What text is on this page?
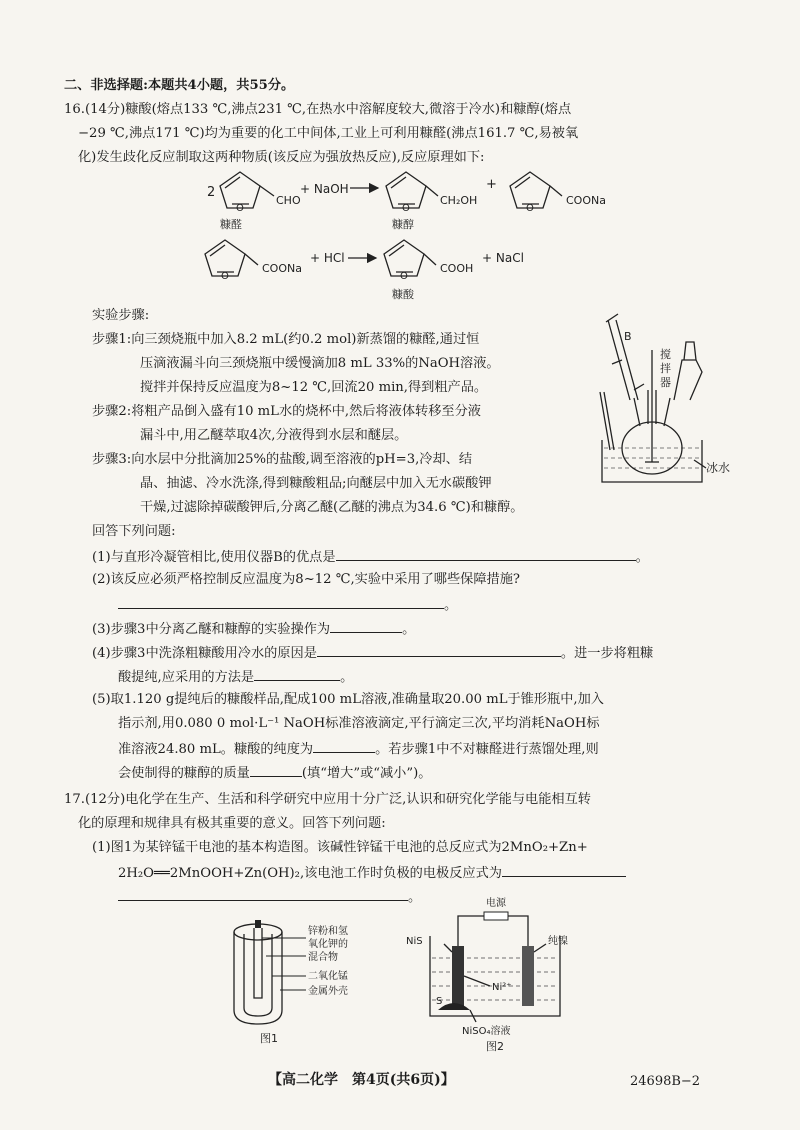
二、非选择题:本题共4小题，共55分。
16.(14分)糠酸(熔点133 ℃,沸点231 ℃,在热水中溶解度较大,微溶于冷水)和糠醇(熔点
−29 ℃,沸点171 ℃)均为重要的化工中间体,工业上可利用糠醛(沸点161.7 ℃,易被氧
化)发生歧化反应制取这两种物质(该反应为强放热反应),反应原理如下:
2
O
CHO
+ NaOH
O
CH₂OH
+
O
COONa
糠醛	糠醇
O
COONa
+ HCl
O
COOH
+ NaCl
糠酸
实验步骤:
步骤1:向三颈烧瓶中加入8.2 mL(约0.2 mol)新蒸馏的糠醛,通过恒
压滴液漏斗向三颈烧瓶中缓慢滴加8 mL 33%的NaOH溶液。
搅拌并保持反应温度为8~12 ℃,回流20 min,得到粗产品。
步骤2:将粗产品倒入盛有10 mL水的烧杯中,然后将液体转移至分液
漏斗中,用乙醚萃取4次,分液得到水层和醚层。
步骤3:向水层中分批滴加25%的盐酸,调至溶液的pH=3,冷却、结
晶、抽滤、冷水洗涤,得到糠酸粗品;向醚层中加入无水碳酸钾
干燥,过滤除掉碳酸钾后,分离乙醚(乙醚的沸点为34.6 ℃)和糠醇。
B
搅
拌
器
冰水
回答下列问题:
(1)与直形冷凝管相比,使用仪器B的优点是	。
(2)该反应必须严格控制反应温度为8~12 ℃,实验中采用了哪些保障措施?
。
(3)步骤3中分离乙醚和糠醇的实验操作为	。
(4)步骤3中洗涤粗糠酸用冷水的原因是	。进一步将粗糠
酸提纯,应采用的方法是	。
(5)取1.120 g提纯后的糠酸样品,配成100 mL溶液,准确量取20.00 mL于锥形瓶中,加入
指示剂,用0.080 0 mol·L⁻¹ NaOH标准溶液滴定,平行滴定三次,平均消耗NaOH标
准溶液24.80 mL。糠酸的纯度为	。若步骤1中不对糠醛进行蒸馏处理,则
会使制得的糠醇的质量	(填“增大”或“减小”)。
17.(12分)电化学在生产、生活和科学研究中应用十分广泛,认识和研究化学能与电能相互转
化的原理和规律具有极其重要的意义。回答下列问题:
(1)图1为某锌锰干电池的基本构造图。该碱性锌锰干电池的总反应式为2MnO₂+Zn+
2H₂O══2MnOOH+Zn(OH)₂,该电池工作时负极的电极反应式为
。
锌粉和氢
氧化钾的
混合物
二氧化锰
金属外壳
图1
电源
Ni²⁺
NiS	纯镍
S
NiSO₄溶液
图2
【高二化学　第4页(共6页)】	24698B−2
